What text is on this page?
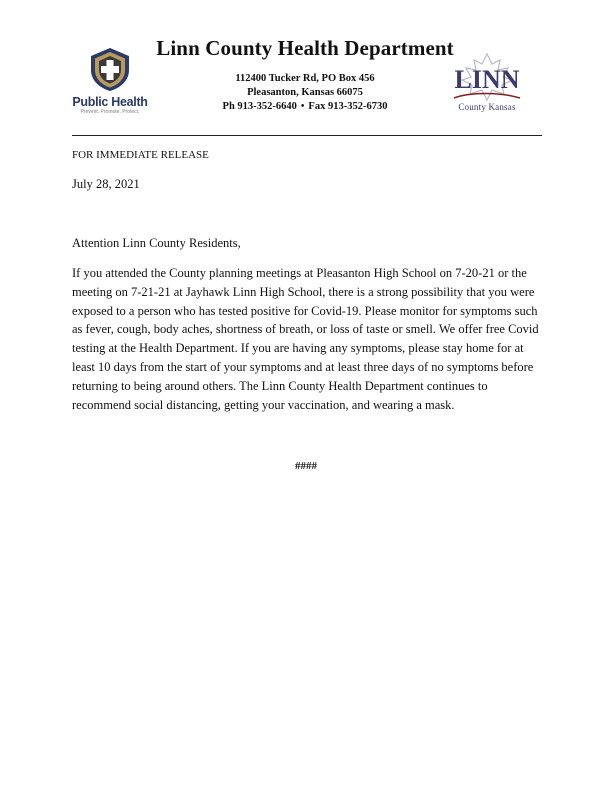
Public Health
Prevent. Promote. Protect.
Linn County Health Department
112400 Tucker Rd, PO Box 456
Pleasanton, Kansas 66075
Ph 913-352-6640 • Fax 913-352-6730
LINN
County Kansas
FOR IMMEDIATE RELEASE
July 28, 2021
Attention Linn County Residents,

If you attended the County planning meetings at Pleasanton High School on 7-20-21 or the meeting on 7-21-21 at Jayhawk Linn High School, there is a strong possibility that you were exposed to a person who has tested positive for Covid-19. Please monitor for symptoms such as fever, cough, body aches, shortness of breath, or loss of taste or smell. We offer free Covid testing at the Health Department. If you are having any symptoms, please stay home for at least 10 days from the start of your symptoms and at least three days of no symptoms before returning to being around others. The Linn County Health Department continues to recommend social distancing, getting your vaccination, and wearing a mask.

####
